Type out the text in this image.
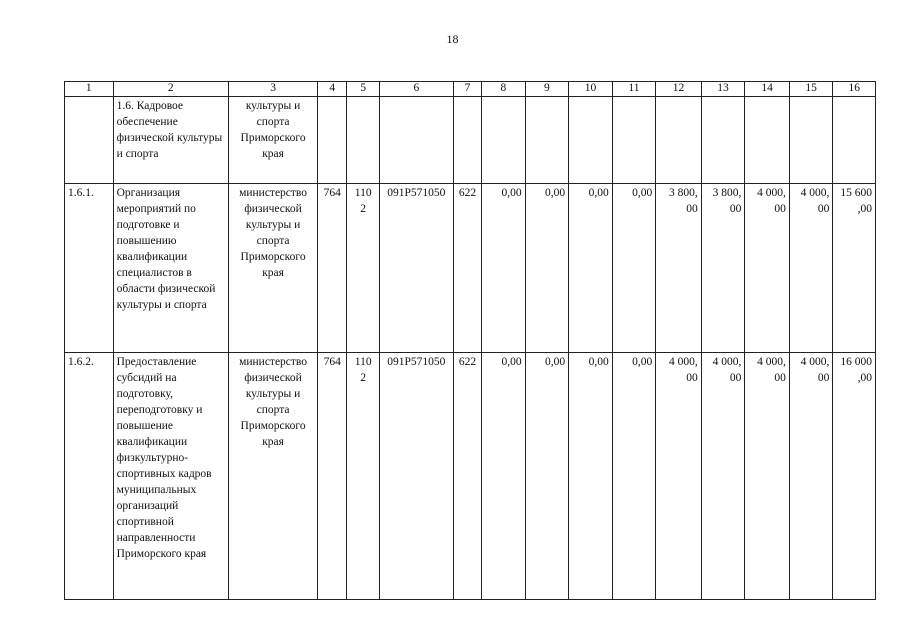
18
1	2	3	4	5	6	7	8	9	10	11	12	13	14	15	16
	1.6. Кадровое обеспечение физической культуры и спорта	культуры и спорта Приморского края													
1.6.1.	Организация мероприятий по подготовке и повышению квалификации специалистов в области физической культуры и спорта	министерство физической культуры и спорта Приморского края	764	110 2	091Р571050	622	0,00	0,00	0,00	0,00	3 800, 00	3 800, 00	4 000, 00	4 000, 00	15 600 ,00
1.6.2.	Предоставление субсидий на подготовку, переподготовку и повышение квалификации физкультурно-спортивных кадров муниципальных организаций спортивной направленности Приморского края	министерство физической культуры и спорта Приморского края	764	110 2	091Р571050	622	0,00	0,00	0,00	0,00	4 000, 00	4 000, 00	4 000, 00	4 000, 00	16 000 ,00
